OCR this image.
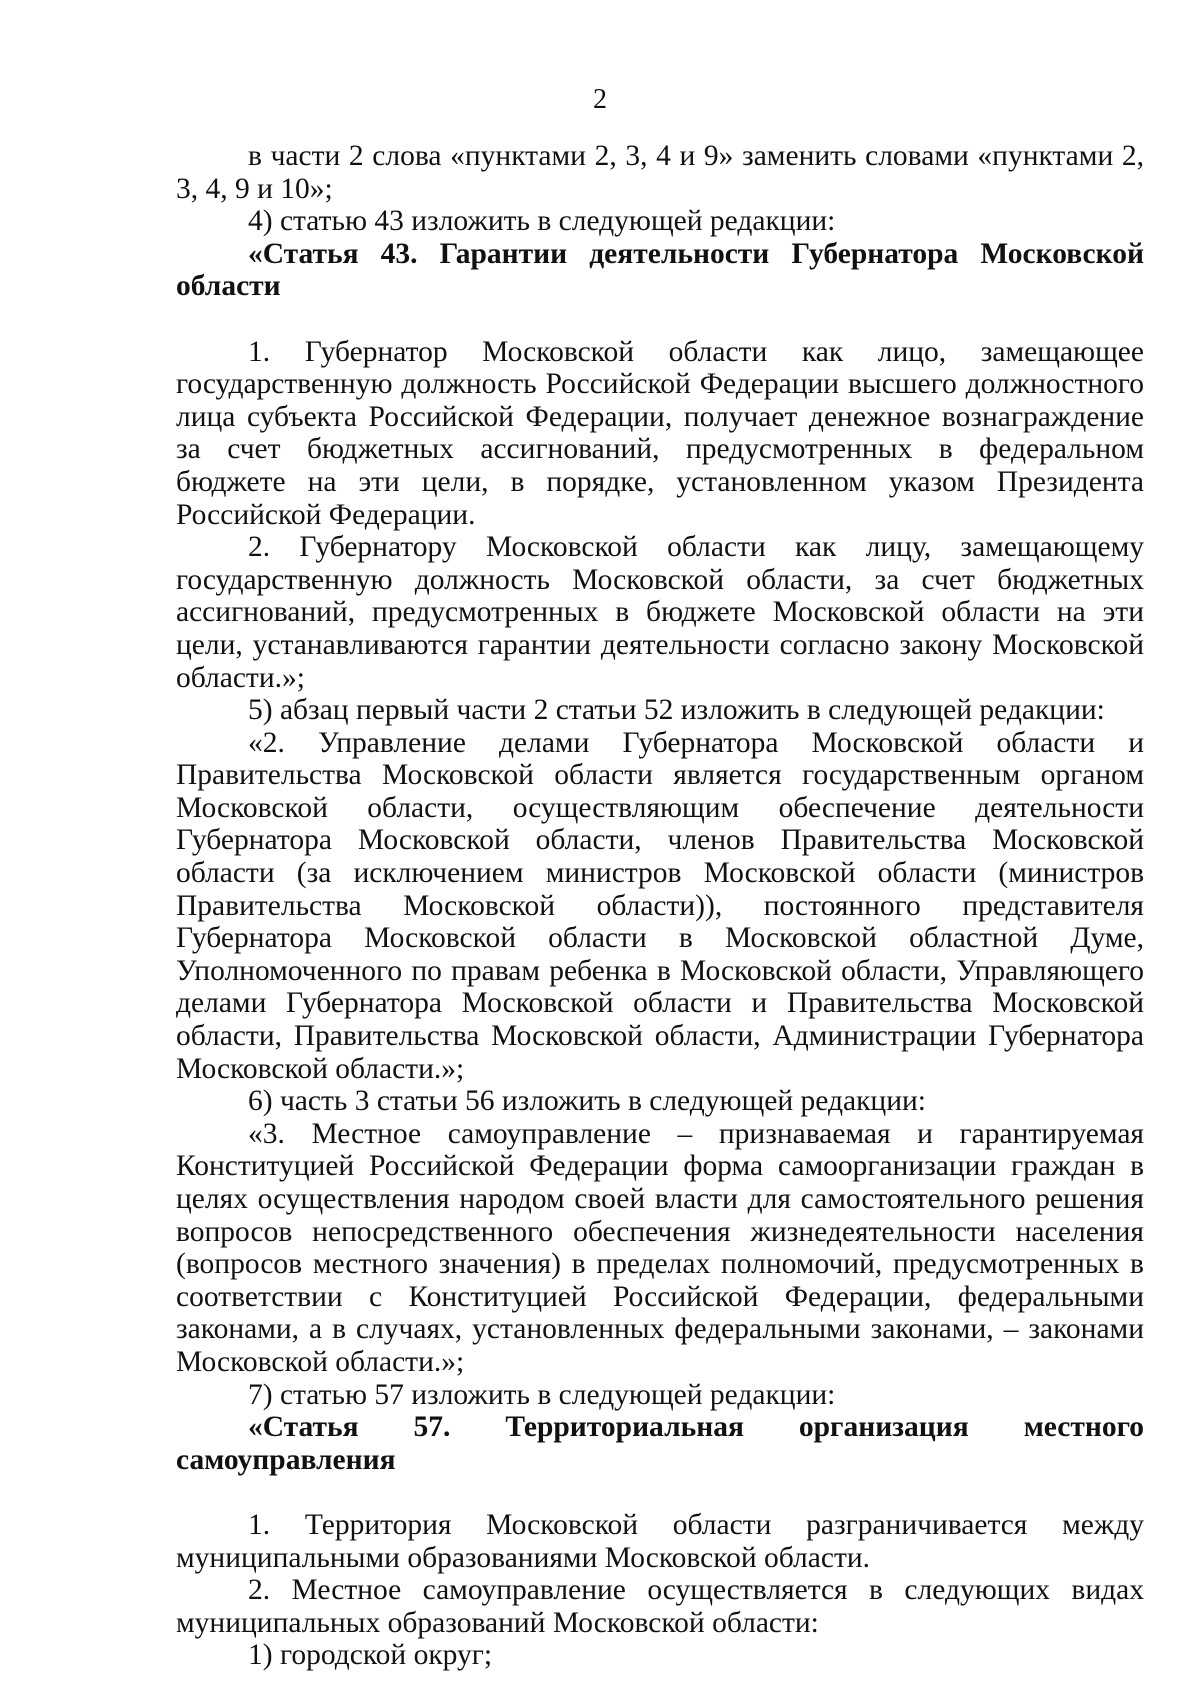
2

в части 2 слова «пунктами 2, 3, 4 и 9» заменить словами «пунктами 2, 3, 4, 9 и 10»;

4) статью 43 изложить в следующей редакции:

«Статья 43. Гарантии деятельности Губернатора Московской области

1. Губернатор Московской области как лицо, замещающее государственную должность Российской Федерации высшего должностного лица субъекта Российской Федерации, получает денежное вознаграждение за счет бюджетных ассигнований, предусмотренных в федеральном бюджете на эти цели, в порядке, установленном указом Президента Российской Федерации.

2. Губернатору Московской области как лицу, замещающему государственную должность Московской области, за счет бюджетных ассигнований, предусмотренных в бюджете Московской области на эти цели, устанавливаются гарантии деятельности согласно закону Московской области.»;

5) абзац первый части 2 статьи 52 изложить в следующей редакции:

«2. Управление делами Губернатора Московской области и Правительства Московской области является государственным органом Московской области, осуществляющим обеспечение деятельности Губернатора Московской области, членов Правительства Московской области (за исключением министров Московской области (министров Правительства Московской области)), постоянного представителя Губернатора Московской области в Московской областной Думе, Уполномоченного по правам ребенка в Московской области, Управляющего делами Губернатора Московской области и Правительства Московской области, Правительства Московской области, Администрации Губернатора Московской области.»;

6) часть 3 статьи 56 изложить в следующей редакции:

«3. Местное самоуправление – признаваемая и гарантируемая Конституцией Российской Федерации форма самоорганизации граждан в целях осуществления народом своей власти для самостоятельного решения вопросов непосредственного обеспечения жизнедеятельности населения (вопросов местного значения) в пределах полномочий, предусмотренных в соответствии с Конституцией Российской Федерации, федеральными законами, а в случаях, установленных федеральными законами, – законами Московской области.»;

7) статью 57 изложить в следующей редакции:

«Статья 57. Территориальная организация местного самоуправления

1. Территория Московской области разграничивается между муниципальными образованиями Московской области.

2. Местное самоуправление осуществляется в следующих видах муниципальных образований Московской области:

1) городской округ;
